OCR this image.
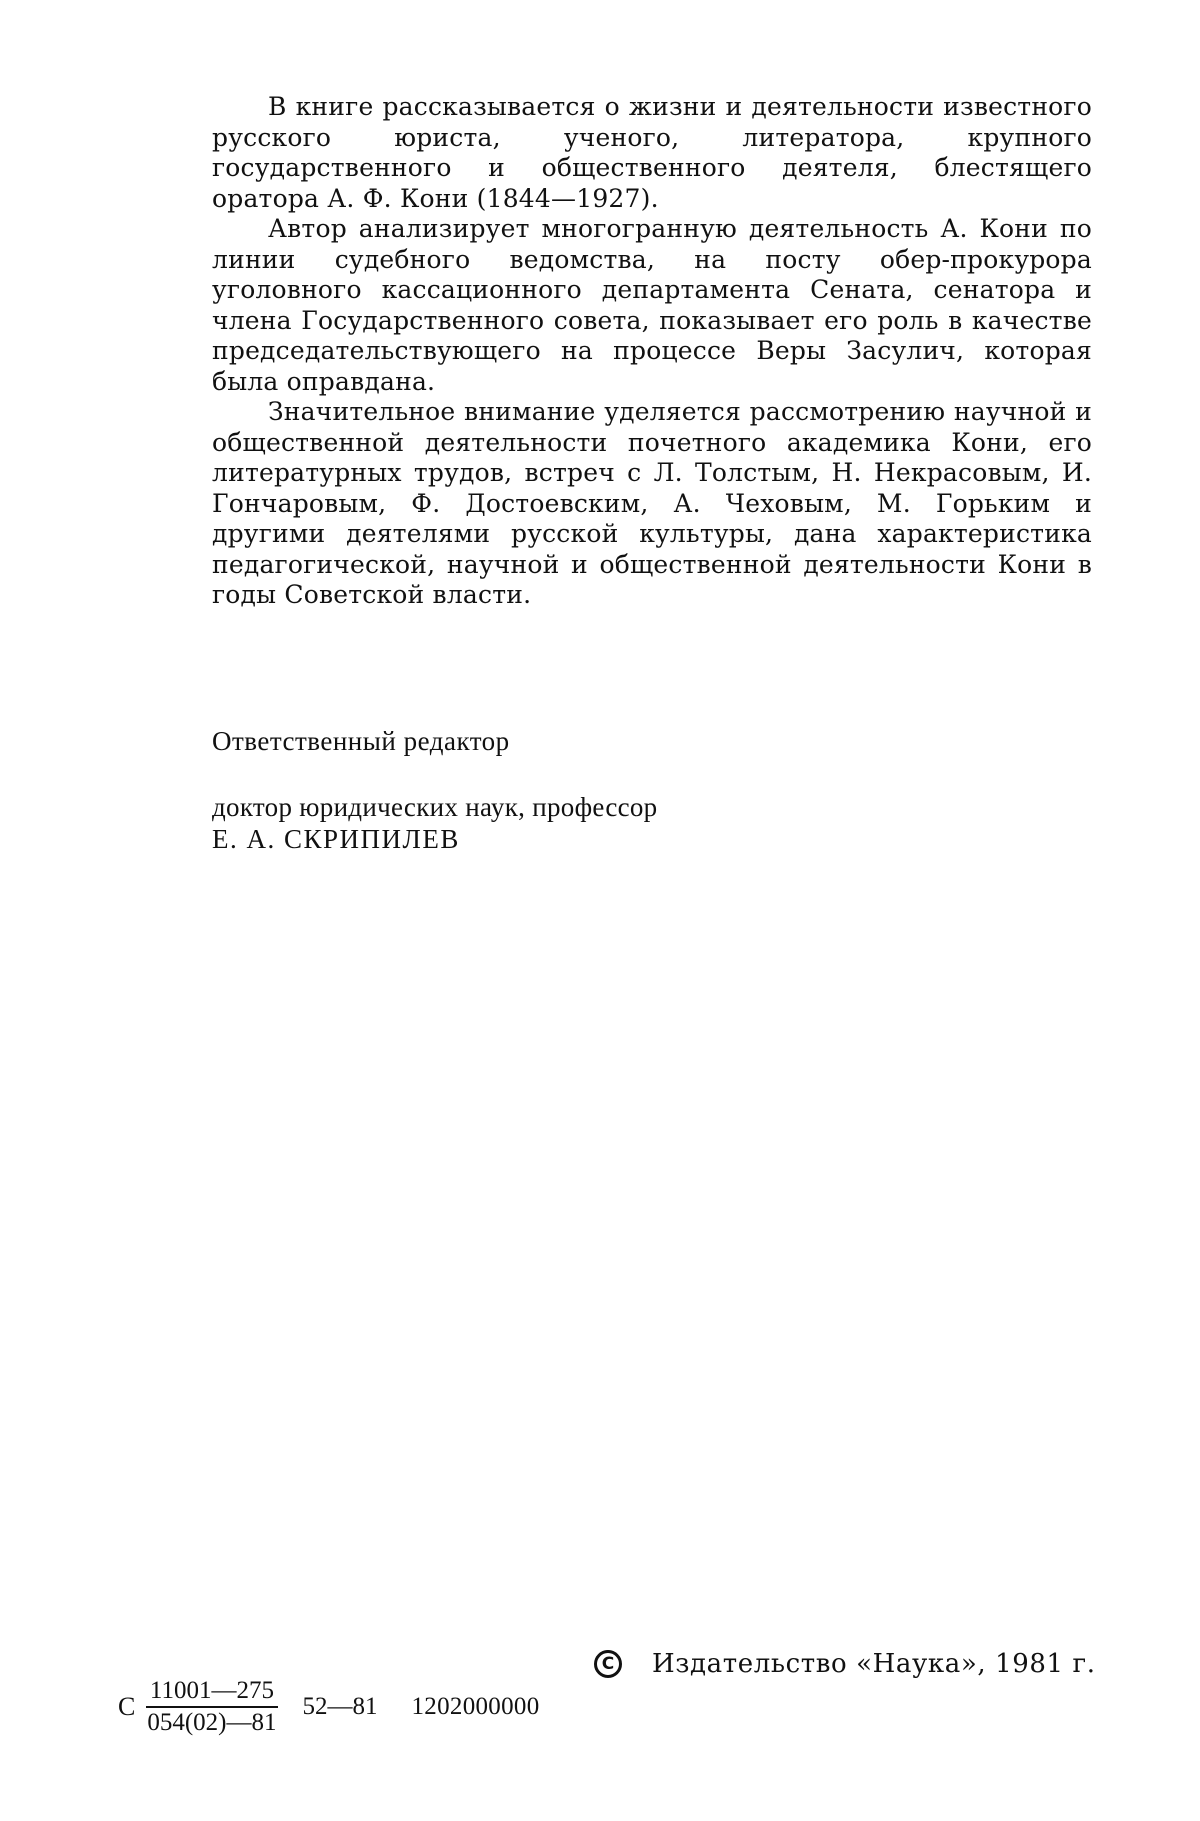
В книге рассказывается о жизни и деятельности известного русского юриста, ученого, литератора, крупного государственного и общественного деятеля, блестящего оратора А. Ф. Кони (1844—1927).

Автор анализирует многогранную деятельность А. Кони по линии судебного ведомства, на посту обер-прокурора уголовного кассационного департамента Сената, сенатора и члена Государственного совета, показывает его роль в качестве председательствующего на процессе Веры Засулич, которая была оправдана.

Значительное внимание уделяется рассмотрению научной и общественной деятельности почетного академика Кони, его литературных трудов, встреч с Л. Толстым, Н. Некрасовым, И. Гончаровым, Ф. Достоевским, А. Чеховым, М. Горьким и другими деятелями русской культуры, дана характеристика педагогической, научной и общественной деятельности Кони в годы Советской власти.

Ответственный редактор

доктор юридических наук, профессор

Е. А. СКРИПИЛЕВ

C Издательство «Наука», 1981 г.
С $\frac{11001—275}{054(02)—81}$ 52—81 1202000000
